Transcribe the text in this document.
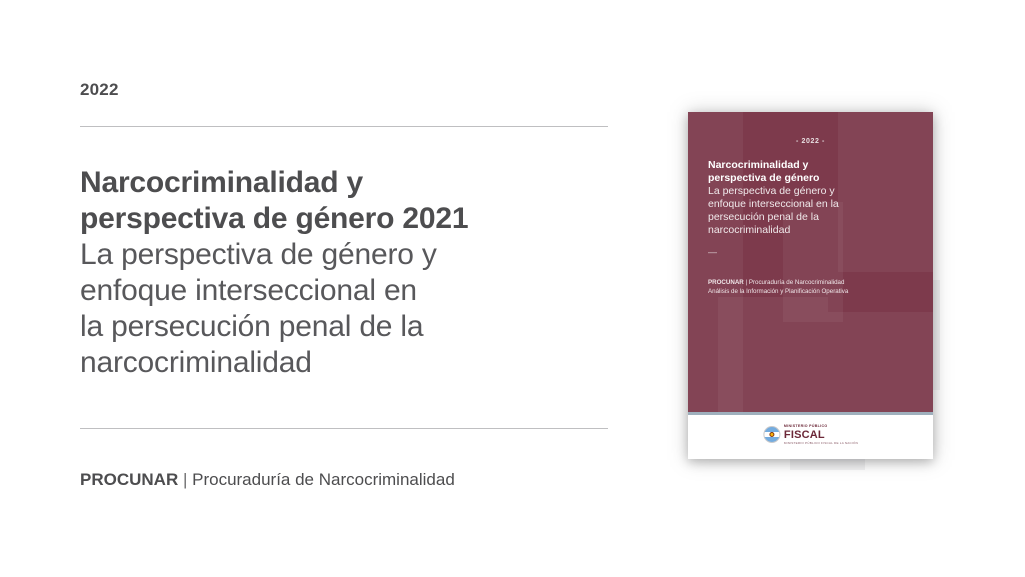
2022
Narcocriminalidad y
perspectiva de género 2021
La perspectiva de género y
enfoque interseccional en
la persecución penal de la
narcocriminalidad
PROCUNAR | Procuraduría de Narcocriminalidad
- 2022 -
Narcocriminalidad y
perspectiva de género
La perspectiva de género y
enfoque interseccional en la
persecución penal de la
narcocriminalidad
—
PROCUNAR | Procuraduría de Narcocriminalidad
Análisis de la Información y Planificación Operativa
MINISTERIO PÚBLICO
FISCAL
MINISTERIO PÚBLICO FISCAL DE LA NACIÓN
